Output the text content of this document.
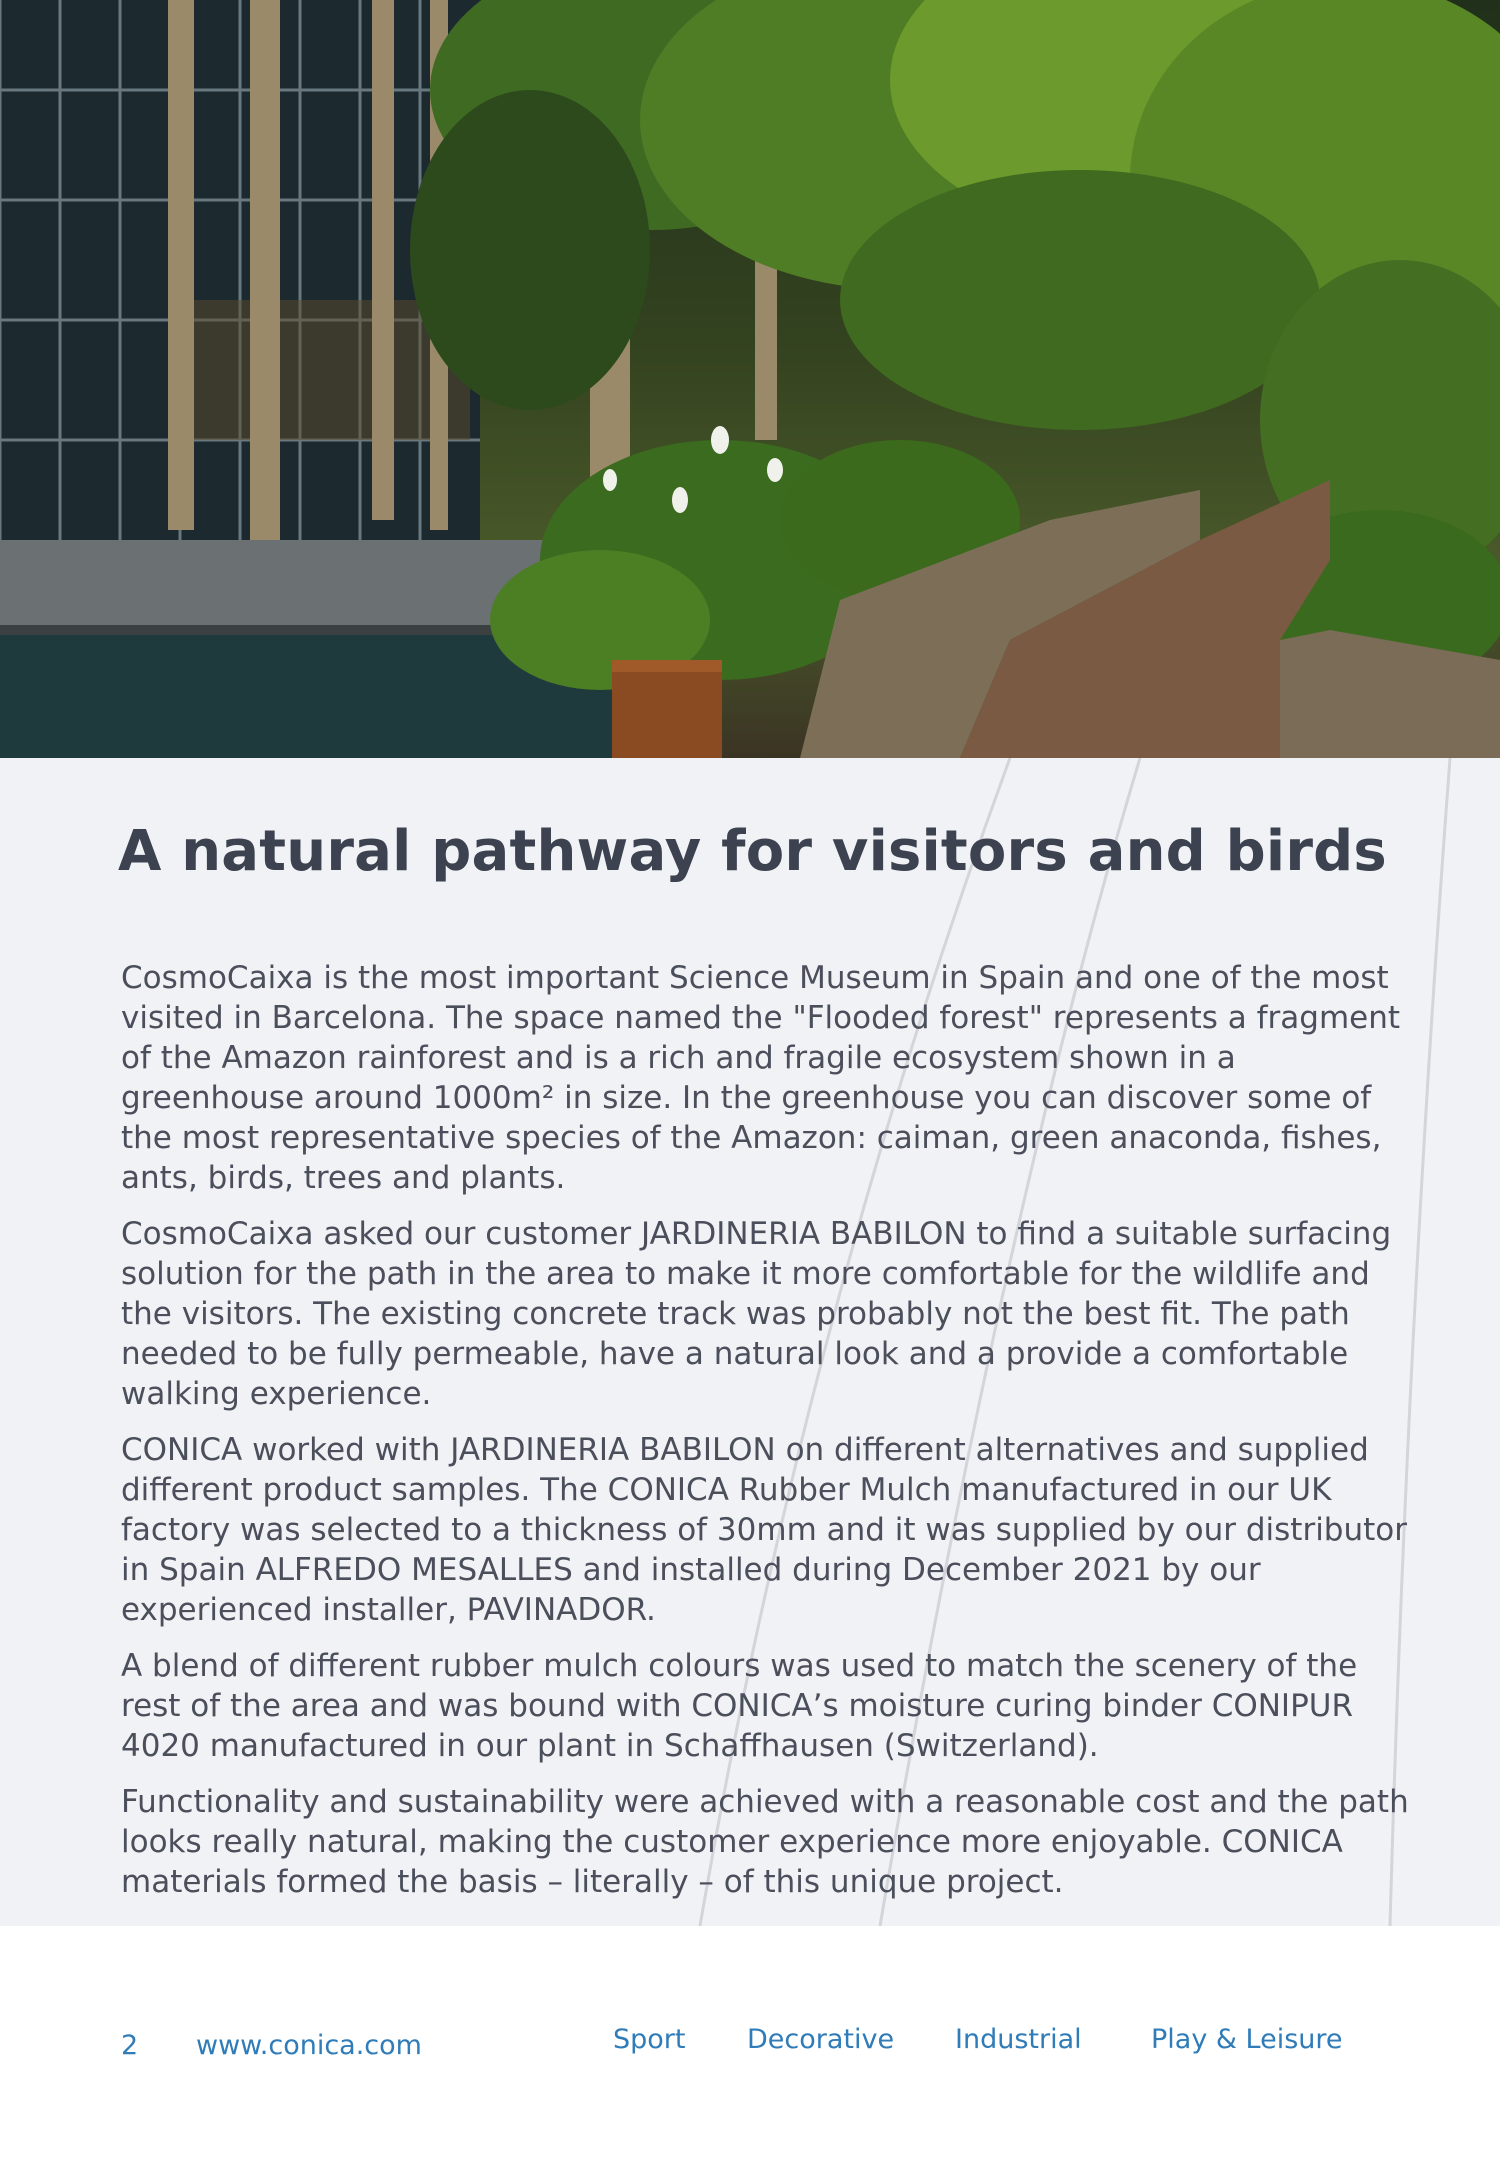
A natural pathway for visitors and birds

CosmoCaixa is the most important Science Museum in Spain and one of the most visited in Barcelona. The space named the "Flooded forest" represents a fragment of the Amazon rainforest and is a rich and fragile ecosystem shown in a greenhouse around 1000m² in size. In the greenhouse you can discover some of the most representative species of the Amazon: caiman, green anaconda, fishes, ants, birds, trees and plants.

CosmoCaixa asked our customer JARDINERIA BABILON to find a suitable surfacing solution for the path in the area to make it more comfortable for the wildlife and the visitors. The existing concrete track was probably not the best fit. The path needed to be fully permeable, have a natural look and a provide a comfortable walking experience.

CONICA worked with JARDINERIA BABILON on different alternatives and supplied different product samples. The CONICA Rubber Mulch manufactured in our UK factory was selected to a thickness of 30mm and it was supplied by our distributor in Spain ALFREDO MESALLES and installed during December 2021 by our experienced installer, PAVINADOR.

A blend of different rubber mulch colours was used to match the scenery of the rest of the area and was bound with CONICA’s moisture curing binder CONIPUR 4020 manufactured in our plant in Schaffhausen (Switzerland).

Functionality and sustainability were achieved with a reasonable cost and the path looks really natural, making the customer experience more enjoyable. CONICA materials formed the basis – literally – of this unique project.

2 www.conica.com	Sport Decorative Industrial	Play & Leisure
